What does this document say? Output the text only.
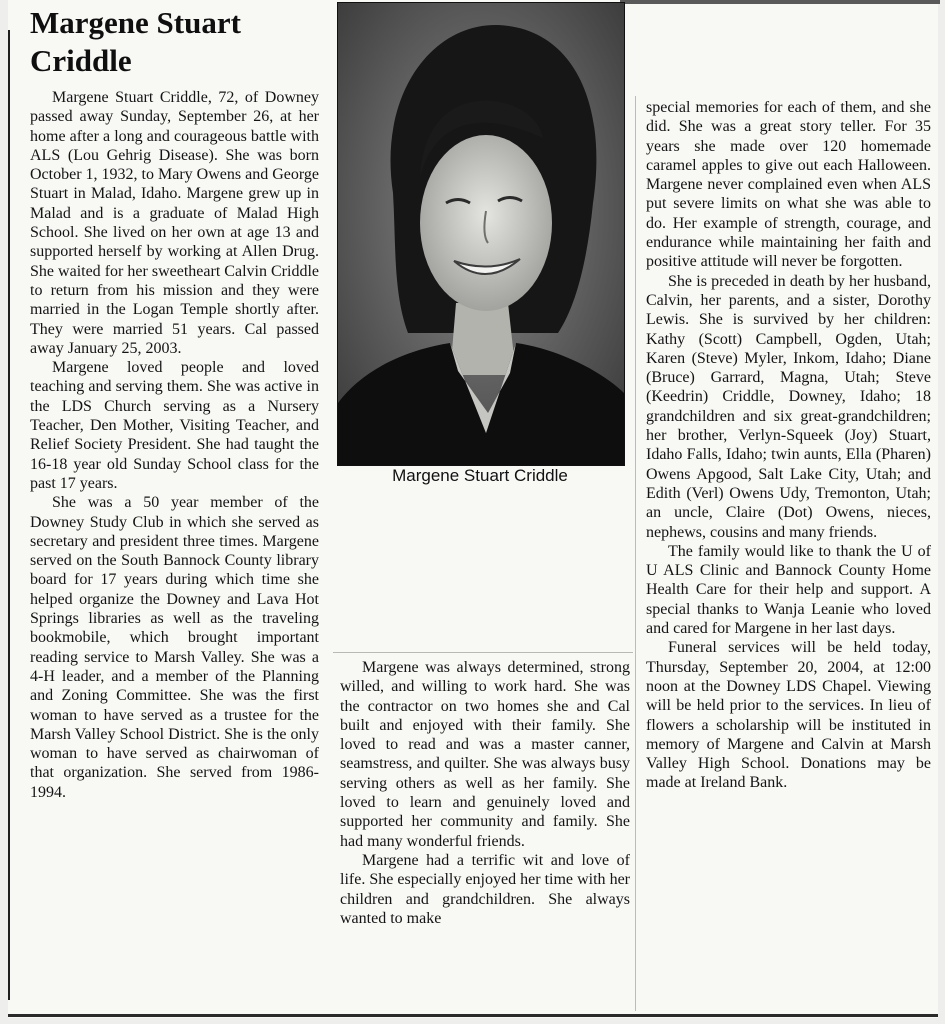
Margene Stuart Criddle

Margene Stuart Criddle, 72, of Downey passed away Sunday, September 26, at her home after a long and courageous battle with ALS (Lou Gehrig Disease). She was born October 1, 1932, to Mary Owens and George Stuart in Malad, Idaho. Margene grew up in Malad and is a graduate of Malad High School. She lived on her own at age 13 and supported herself by working at Allen Drug. She waited for her sweetheart Calvin Criddle to return from his mission and they were married in the Logan Temple shortly after. They were married 51 years. Cal passed away January 25, 2003.

Margene loved people and loved teaching and serving them. She was active in the LDS Church serving as a Nursery Teacher, Den Mother, Visiting Teacher, and Relief Society President. She had taught the 16-18 year old Sunday School class for the past 17 years.

She was a 50 year member of the Downey Study Club in which she served as secretary and president three times. Margene served on the South Bannock County library board for 17 years during which time she helped organize the Downey and Lava Hot Springs libraries as well as the traveling bookmobile, which brought important reading service to Marsh Valley. She was a 4-H leader, and a member of the Planning and Zoning Committee. She was the first woman to have served as a trustee for the Marsh Valley School District. She is the only woman to have served as chairwoman of that organization. She served from 1986-1994.

Margene Stuart Criddle

Margene was always determined, strong willed, and willing to work hard. She was the contractor on two homes she and Cal built and enjoyed with their family. She loved to read and was a master canner, seamstress, and quilter. She was always busy serving others as well as her family. She loved to learn and genuinely loved and supported her community and family. She had many wonderful friends.

Margene had a terrific wit and love of life. She especially enjoyed her time with her children and grandchildren. She always wanted to make

special memories for each of them, and she did. She was a great story teller. For 35 years she made over 120 homemade caramel apples to give out each Halloween. Margene never complained even when ALS put severe limits on what she was able to do. Her example of strength, courage, and endurance while maintaining her faith and positive attitude will never be forgotten.

She is preceded in death by her husband, Calvin, her parents, and a sister, Dorothy Lewis. She is survived by her children: Kathy (Scott) Campbell, Ogden, Utah; Karen (Steve) Myler, Inkom, Idaho; Diane (Bruce) Garrard, Magna, Utah; Steve (Keedrin) Criddle, Downey, Idaho; 18 grandchildren and six great-grandchildren; her brother, Verlyn-Squeek (Joy) Stuart, Idaho Falls, Idaho; twin aunts, Ella (Pharen) Owens Apgood, Salt Lake City, Utah; and Edith (Verl) Owens Udy, Tremonton, Utah; an uncle, Claire (Dot) Owens, nieces, nephews, cousins and many friends.

The family would like to thank the U of U ALS Clinic and Bannock County Home Health Care for their help and support. A special thanks to Wanja Leanie who loved and cared for Margene in her last days.

Funeral services will be held today, Thursday, September 20, 2004, at 12:00 noon at the Downey LDS Chapel. Viewing will be held prior to the services. In lieu of flowers a scholarship will be instituted in memory of Margene and Calvin at Marsh Valley High School. Donations may be made at Ireland Bank.
